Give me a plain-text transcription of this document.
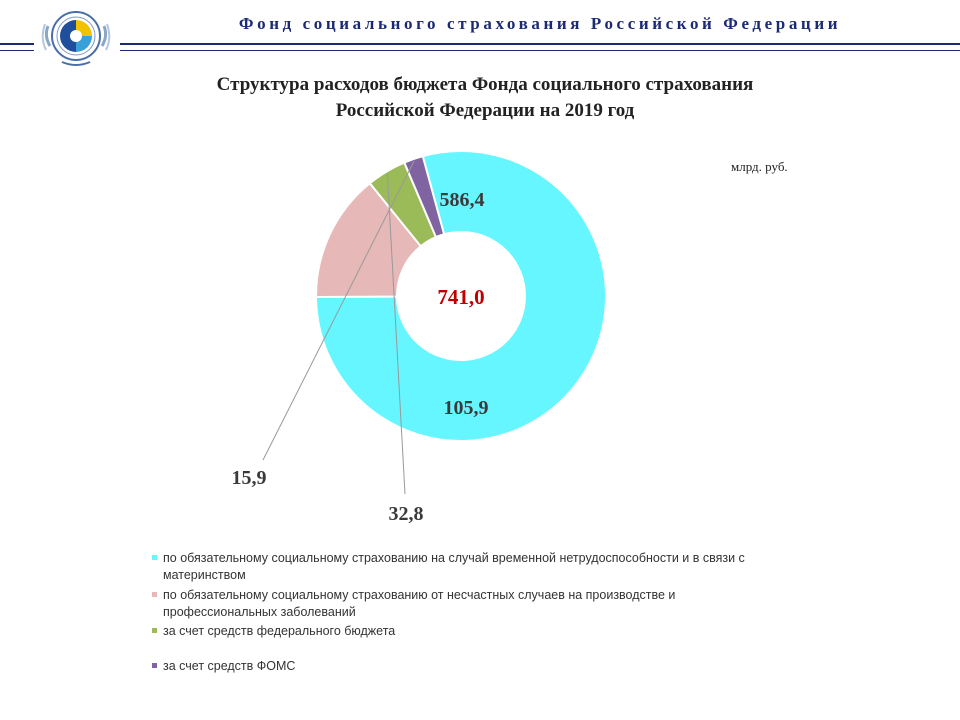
Фонд социального страхования Российской Федерации
Структура расходов бюджета Фонда социального страхования
Российской Федерации на 2019 год
млрд. руб.
586,4
105,9
32,8
15,9
741,0
по обязательному социальному страхованию на случай временной нетрудоспособности и в связи с материнством
по обязательному социальному страхованию от несчастных случаев на производстве и профессиональных заболеваний
за счет средств федерального бюджета
за счет средств ФОМС
